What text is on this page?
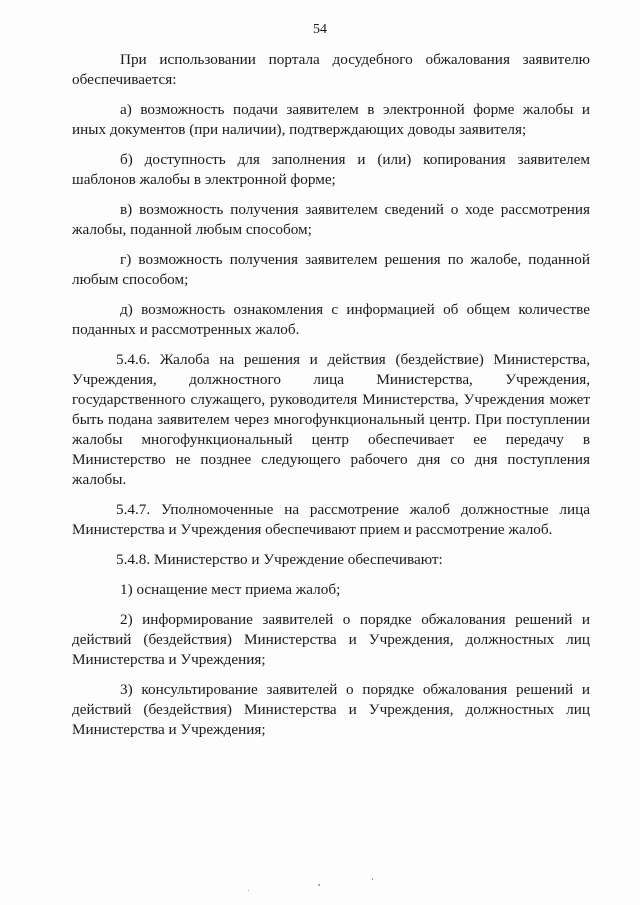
54

При использовании портала досудебного обжалования заявителю обеспечивается:

а) возможность подачи заявителем в электронной форме жалобы и иных документов (при наличии), подтверждающих доводы заявителя;

б) доступность для заполнения и (или) копирования заявителем шаблонов жалобы в электронной форме;

в) возможность получения заявителем сведений о ходе рассмотрения жалобы, поданной любым способом;

г) возможность получения заявителем решения по жалобе, поданной любым способом;

д) возможность ознакомления с информацией об общем количестве поданных и рассмотренных жалоб.

5.4.6. Жалоба на решения и действия (бездействие) Министерства, Учреждения, должностного лица Министерства, Учреждения, государственного служащего, руководителя Министерства, Учреждения может быть подана заявителем через многофункциональный центр. При поступлении жалобы многофункциональный центр обеспечивает ее передачу в Министерство не позднее следующего рабочего дня со дня поступления жалобы.

5.4.7. Уполномоченные на рассмотрение жалоб должностные лица Министерства и Учреждения обеспечивают прием и рассмотрение жалоб.

5.4.8. Министерство и Учреждение обеспечивают:

1) оснащение мест приема жалоб;

2) информирование заявителей о порядке обжалования решений и действий (бездействия) Министерства и Учреждения, должностных лиц Министерства и Учреждения;

3) консультирование заявителей о порядке обжалования решений и действий (бездействия) Министерства и Учреждения, должностных лиц Министерства и Учреждения;
